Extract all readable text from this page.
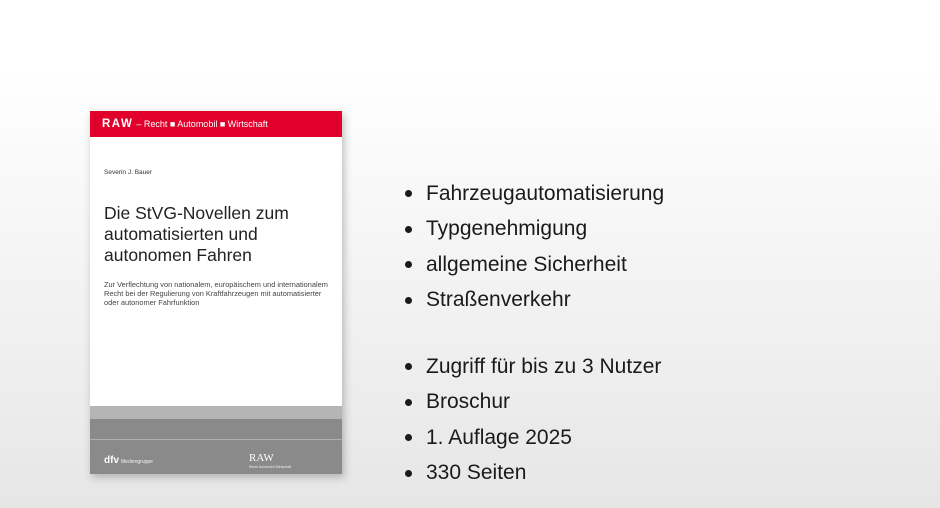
RAW – Recht ■ Automobil ■ Wirtschaft
Severin J. Bauer
Die StVG-Novellen zum automatisierten und autonomen Fahren
Zur Verflechtung von nationalem, europäischem und internationalem Recht bei der Regulierung von Kraftfahrzeugen mit automatisierter oder autonomer Fahrfunktion
dfv Mediengruppe	RAW
Recht Automobil Wirtschaft
Fahrzeugautomatisierung
Typgenehmigung
allgemeine Sicherheit
Straßenverkehr
Zugriff für bis zu 3 Nutzer
Broschur
1. Auflage 2025
330 Seiten
